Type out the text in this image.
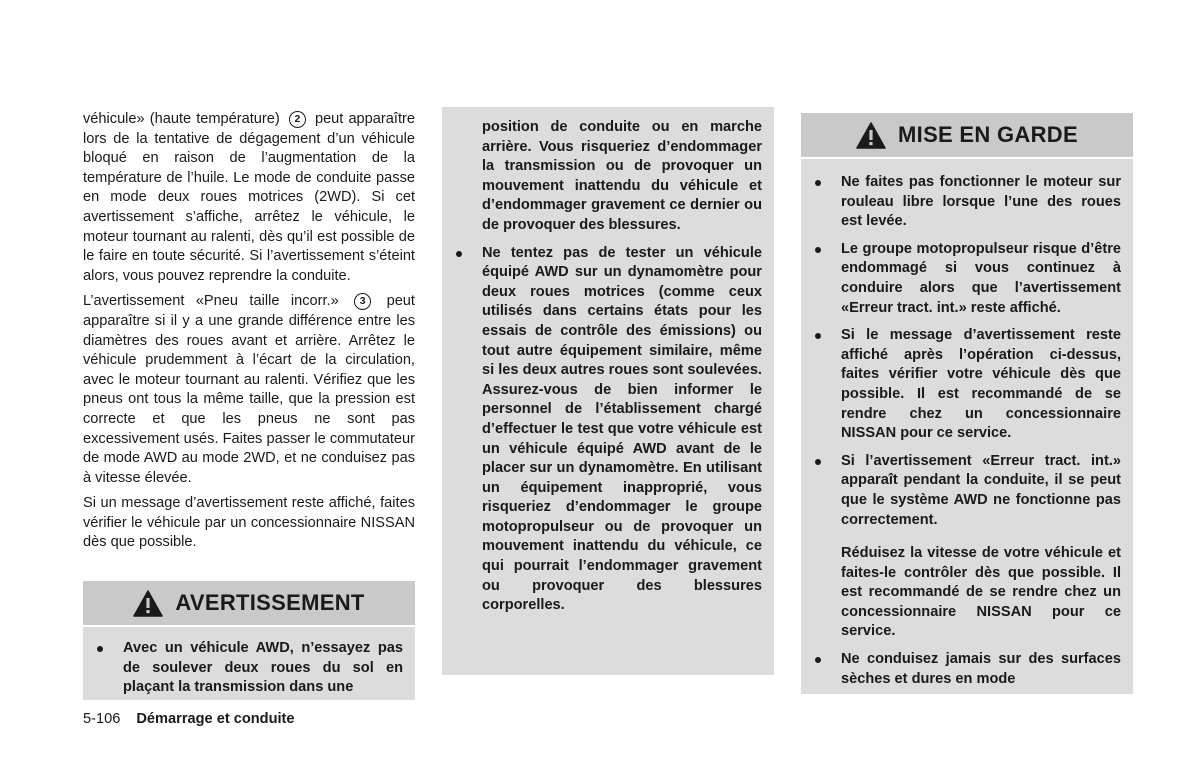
véhicule» (haute température) 2 peut apparaître lors de la tentative de dégagement d’un véhicule bloqué en raison de l’augmentation de la température de l’huile. Le mode de conduite passe en mode deux roues motrices (2WD). Si cet avertissement s’affiche, arrêtez le véhicule, le moteur tournant au ralenti, dès qu’il est possible de le faire en toute sécurité. Si l’avertissement s’éteint alors, vous pouvez reprendre la conduite.

L’avertissement «Pneu taille incorr.» 3 peut apparaître si il y a une grande différence entre les diamètres des roues avant et arrière. Arrêtez le véhicule prudemment à l’écart de la circulation, avec le moteur tournant au ralenti. Vérifiez que les pneus ont tous la même taille, que la pression est correcte et que les pneus ne sont pas excessivement usés. Faites passer le commutateur de mode AWD au mode 2WD, et ne conduisez pas à vitesse élevée.

Si un message d’avertissement reste affiché, faites vérifier le véhicule par un concessionnaire NISSAN dès que possible.

AVERTISSEMENT
Avec un véhicule AWD, n’essayez pas de soulever deux roues du sol en plaçant la transmission dans une

position de conduite ou en marche arrière. Vous risqueriez d’endommager la transmission ou de provoquer un mouvement inattendu du véhicule et d’endommager gravement ce dernier ou de provoquer des blessures.

Ne tentez pas de tester un véhicule équipé AWD sur un dynamomètre pour deux roues motrices (comme ceux utilisés dans certains états pour les essais de contrôle des émissions) ou tout autre équipement similaire, même si les deux autres roues sont soulevées. Assurez-vous de bien informer le personnel de l’établissement chargé d’effectuer le test que votre véhicule est un véhicule équipé AWD avant de le placer sur un dynamomètre. En utilisant un équipement inapproprié, vous risqueriez d’endommager le groupe motopropulseur ou de provoquer un mouvement inattendu du véhicule, ce qui pourrait l’endommager gravement ou provoquer des blessures corporelles.
MISE EN GARDE
Ne faites pas fonctionner le moteur sur rouleau libre lorsque l’une des roues est levée.
Le groupe motopropulseur risque d’être endommagé si vous continuez à conduire alors que l’avertissement «Erreur tract. int.» reste affiché.
Si le message d’avertissement reste affiché après l’opération ci-dessus, faites vérifier votre véhicule dès que possible. Il est recommandé de se rendre chez un concessionnaire NISSAN pour ce service.
Si l’avertissement «Erreur tract. int.» apparaît pendant la conduite, il se peut que le système AWD ne fonctionne pas correctement.
Réduisez la vitesse de votre véhicule et faites-le contrôler dès que possible. Il est recommandé de se rendre chez un concessionnaire NISSAN pour ce service.
Ne conduisez jamais sur des surfaces sèches et dures en mode
5-106 Démarrage et conduite
